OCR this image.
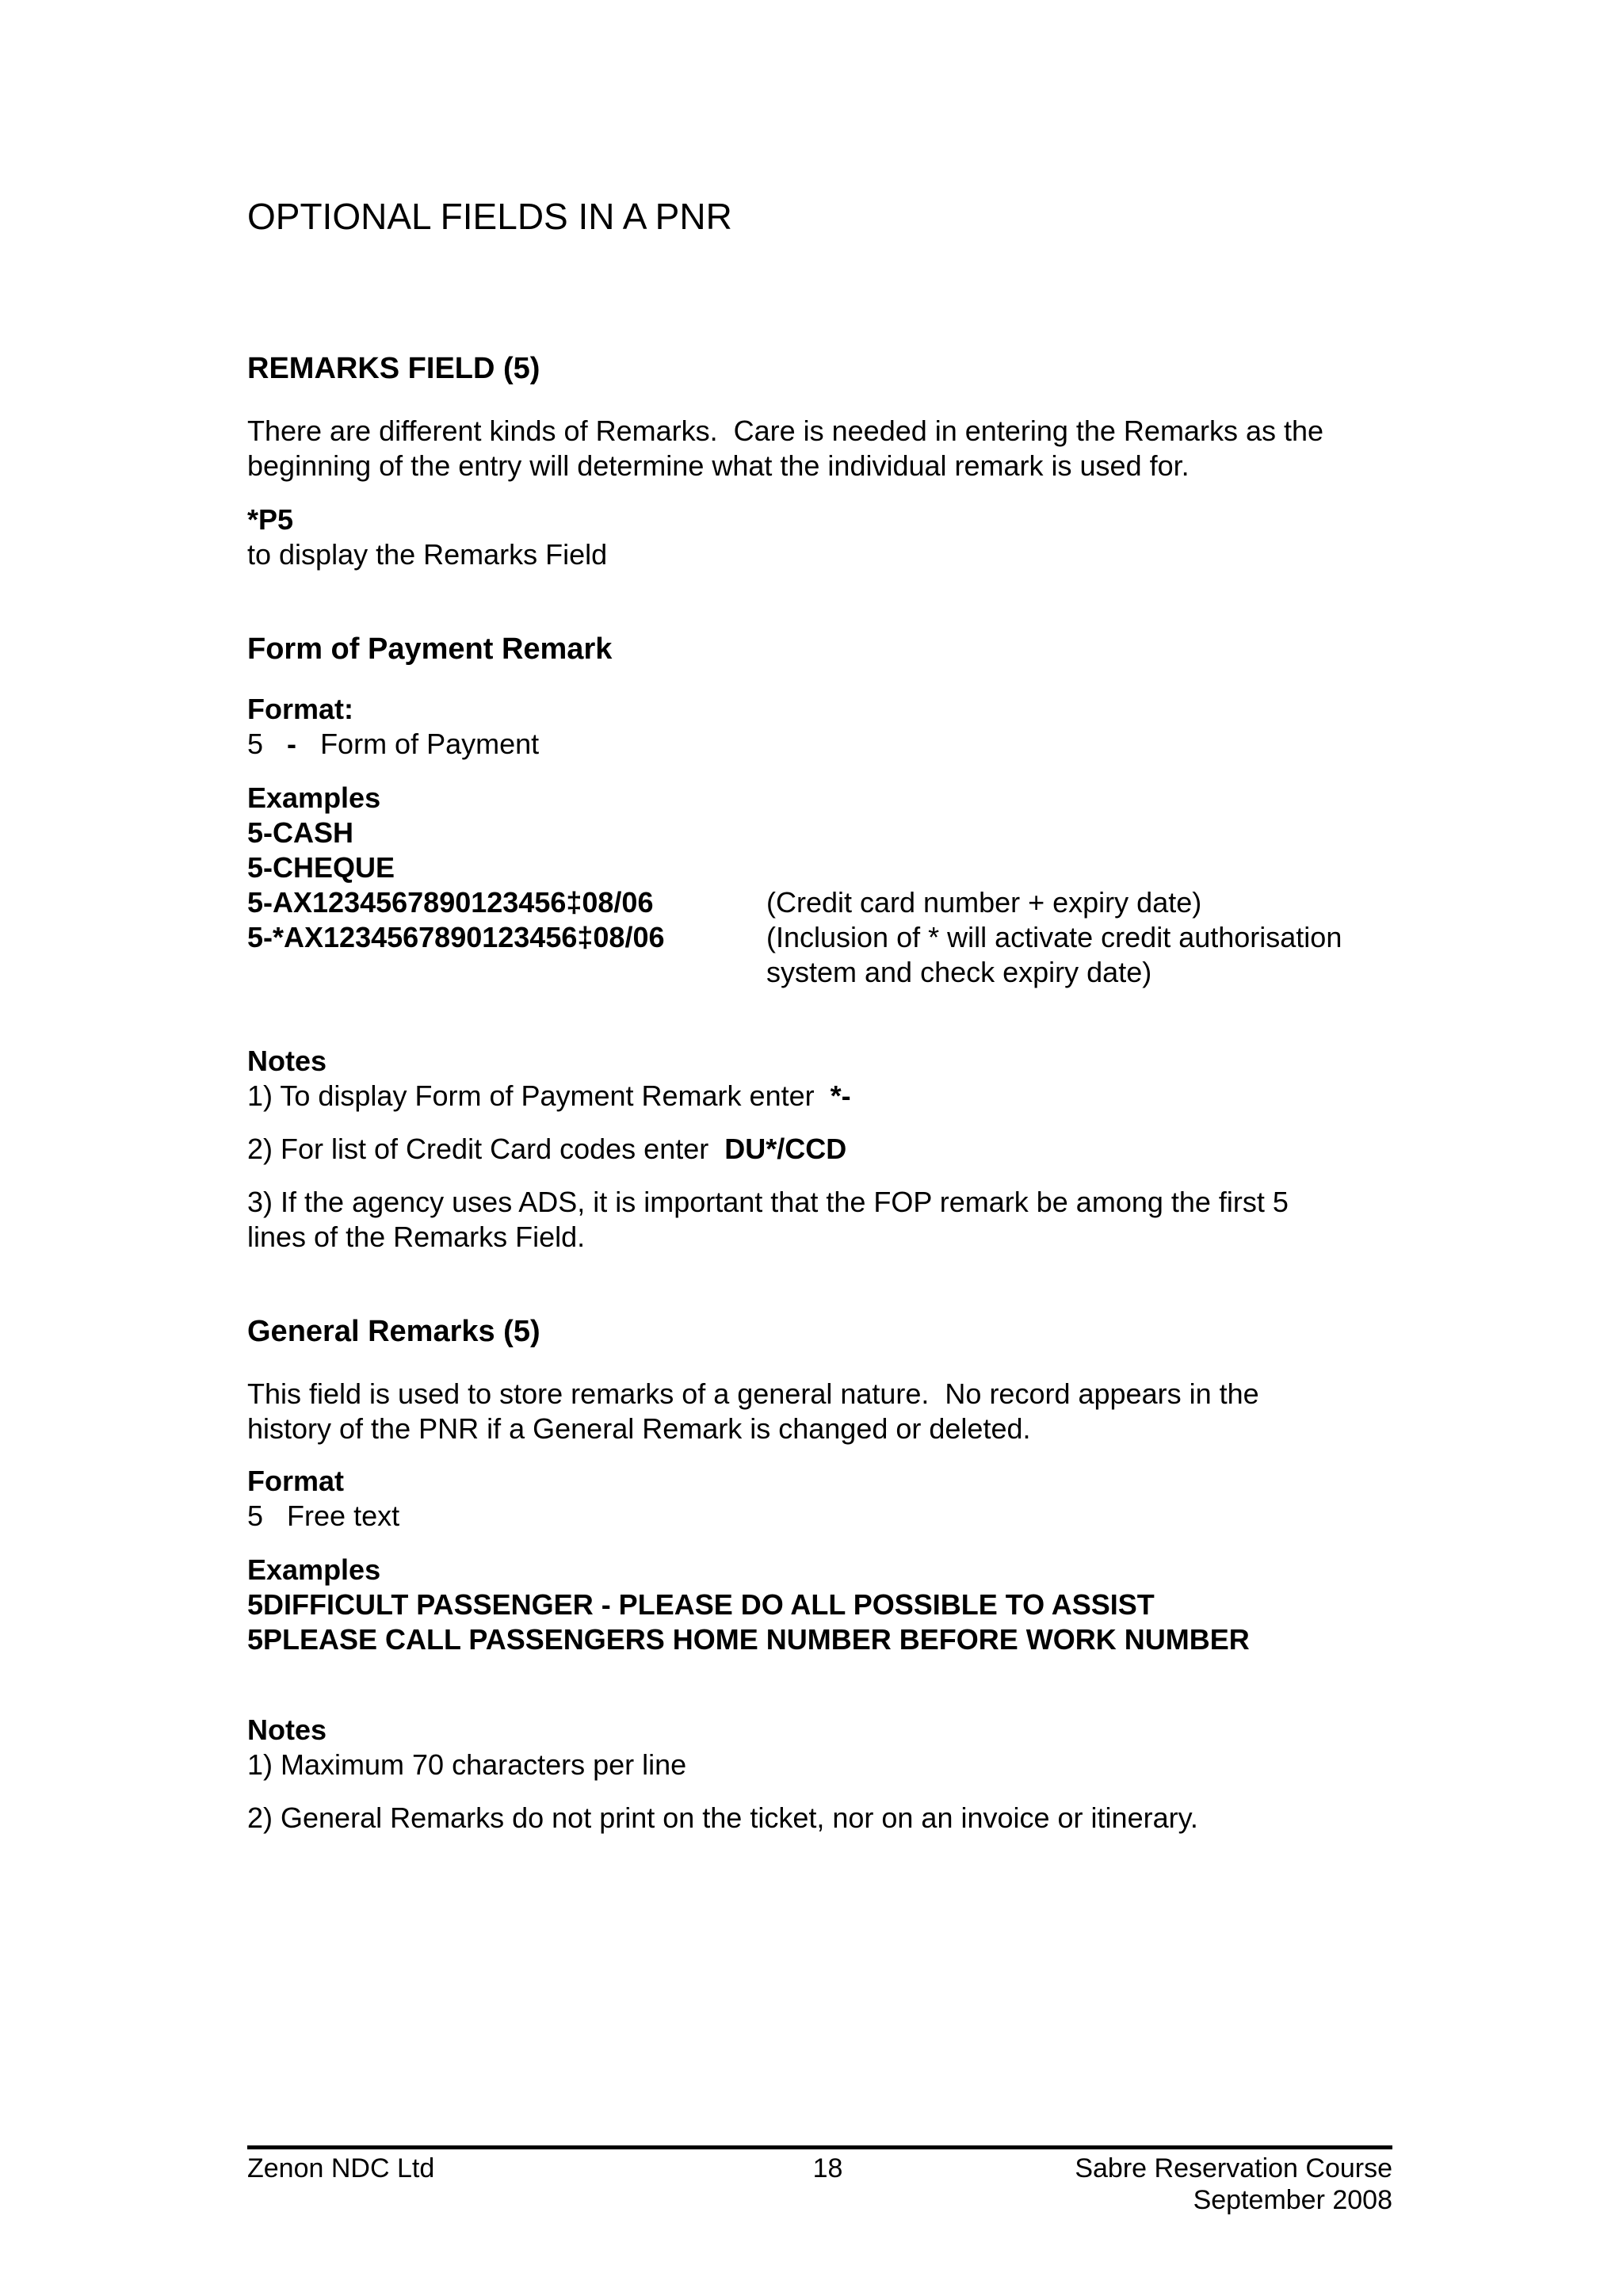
OPTIONAL FIELDS IN A PNR
REMARKS FIELD (5)
There are different kinds of Remarks.  Care is needed in entering the Remarks as the
beginning of the entry will determine what the individual remark is used for.
*P5
to display the Remarks Field
Form of Payment Remark
Format:
5 - Form of Payment
Examples
5-CASH
5-CHEQUE
5-AX1234567890123456‡08/06	(Credit card number + expiry date)
5-*AX1234567890123456‡08/06	(Inclusion of * will activate credit authorisation
system and check expiry date)
Notes
1) To display Form of Payment Remark enter  *-
2) For list of Credit Card codes enter  DU*/CCD
3) If the agency uses ADS, it is important that the FOP remark be among the first 5
lines of the Remarks Field.
General Remarks (5)
This field is used to store remarks of a general nature.  No record appears in the
history of the PNR if a General Remark is changed or deleted.
Format
5 Free text
Examples
5DIFFICULT PASSENGER - PLEASE DO ALL POSSIBLE TO ASSIST
5PLEASE CALL PASSENGERS HOME NUMBER BEFORE WORK NUMBER
Notes
1) Maximum 70 characters per line
2) General Remarks do not print on the ticket, nor on an invoice or itinerary.
Zenon NDC Ltd	18	Sabre Reservation Course
September 2008
